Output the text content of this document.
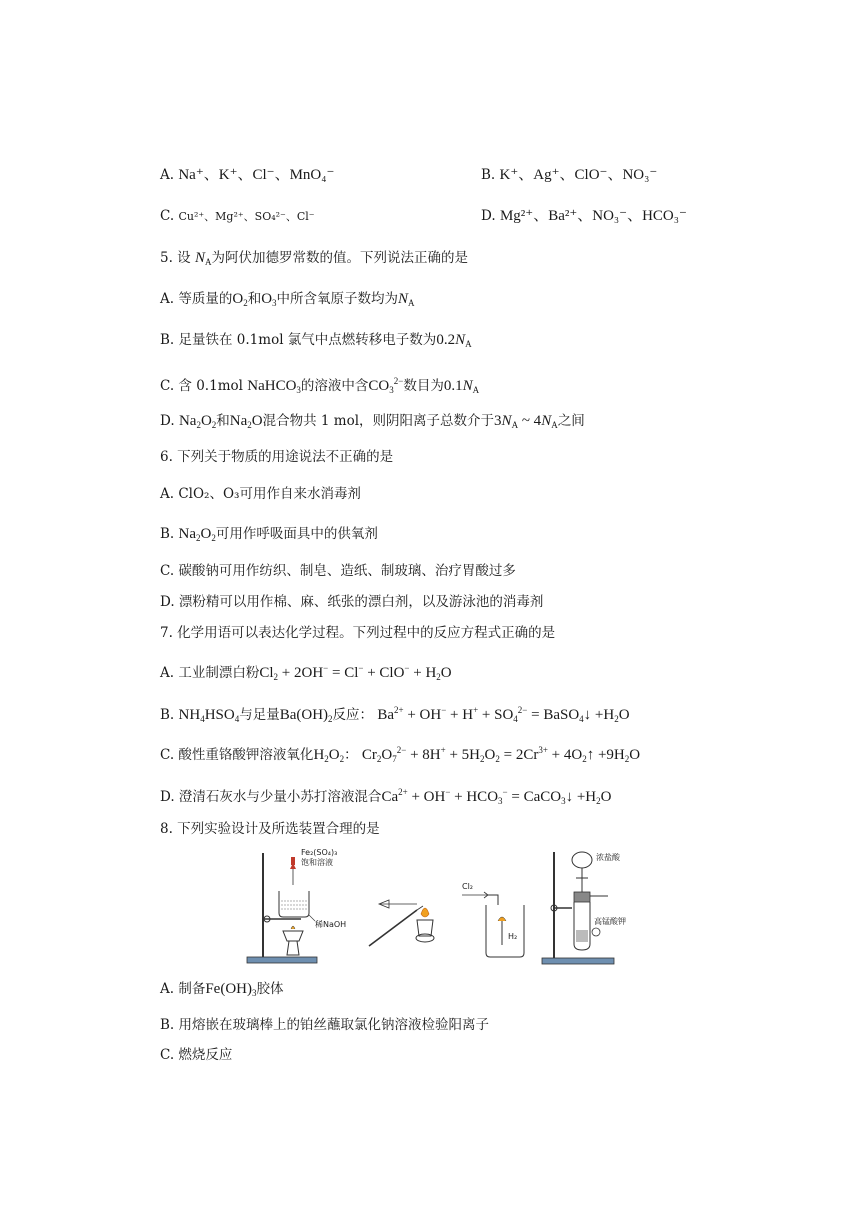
A. Na⁺、K⁺、Cl⁻、MnO₄⁻	B. K⁺、Ag⁺、ClO⁻、NO₃⁻
C. Cu²⁺、Mg²⁺、SO₄²⁻、Cl⁻	D. Mg²⁺、Ba²⁺、NO₃⁻、HCO₃⁻
5. 设 $N_A$为阿伏加德罗常数的值。下列说法正确的是
A. 等质量的$O_2$和$O_3$中所含氧原子数均为$N_A$
B. 足量铁在 0.1mol 氯气中点燃转移电子数为$0.2N_A$
C. 含 0.1mol NaHCO$_3$的溶液中含$CO_3^{2-}$数目为$0.1N_A$
D. $Na_2O_2$和$Na_2O$混合物共 1 mol，则阴阳离子总数介于$3N_A$ ~ $4N_A$之间
6. 下列关于物质的用途说法不正确的是
A. ClO₂、O₃可用作自来水消毒剂
B. $Na_2O_2$可用作呼吸面具中的供氧剂
C. 碳酸钠可用作纺织、制皂、造纸、制玻璃、治疗胃酸过多
D. 漂粉精可以用作棉、麻、纸张的漂白剂，以及游泳池的消毒剂
7. 化学用语可以表达化学过程。下列过程中的反应方程式正确的是
A. 工业制漂白粉$Cl_2 + 2OH^- = Cl^- + ClO^- + H_2O$
B. $NH_4HSO_4$与足量$Ba(OH)_2$反应： $Ba^{2+} + OH^- + H^+ + SO_4^{2-}$ = BaSO$_4$↓ $+H_2O$
C. 酸性重铬酸钾溶液氧化$H_2O_2$： $Cr_2O_7^{2-} + 8H^+ + 5H_2O_2 = 2Cr^{3+}$ + $4O_2↑ +9H_2O$
D. 澄清石灰水与少量小苏打溶液混合$Ca^{2+} + OH^- + HCO_3^-$ = CaCO$_3$↓ $+H_2O$
8. 下列实验设计及所选装置合理的是
Fe₂(SO₄)₃
饱和溶液
稀NaOH
Cl₂
H₂
浓盐酸
高锰酸钾
A. 制备$Fe(OH)_3$胶体
B. 用熔嵌在玻璃棒上的铂丝蘸取氯化钠溶液检验阳离子
C. 燃烧反应
